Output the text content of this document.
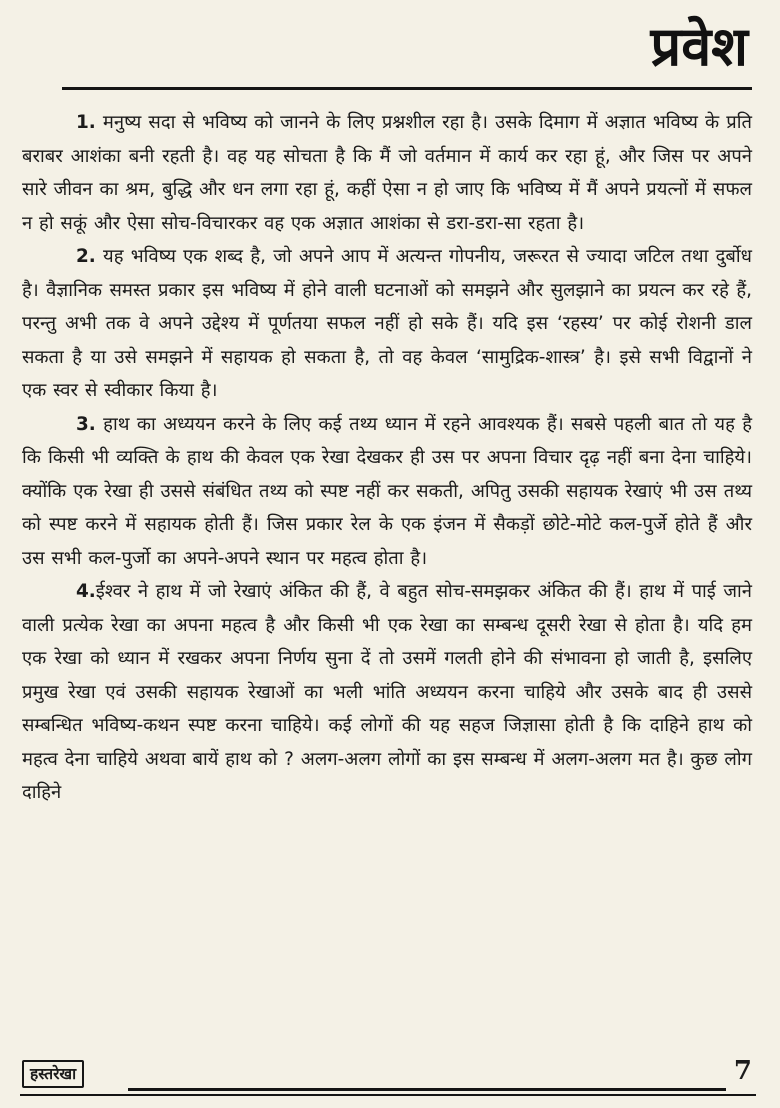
प्रवेश

1. मनुष्य सदा से भविष्य को जानने के लिए प्रश्नशील रहा है। उसके दिमाग में अज्ञात भविष्य के प्रति बराबर आशंका बनी रहती है। वह यह सोचता है कि मैं जो वर्तमान में कार्य कर रहा हूं, और जिस पर अपने सारे जीवन का श्रम, बुद्धि और धन लगा रहा हूं, कहीं ऐसा न हो जाए कि भविष्य में मैं अपने प्रयत्नों में सफल न हो सकूं और ऐसा सोच-विचारकर वह एक अज्ञात आशंका से डरा-डरा-सा रहता है।

2. यह भविष्य एक शब्द है, जो अपने आप में अत्यन्त गोपनीय, जरूरत से ज्यादा जटिल तथा दुर्बोध है। वैज्ञानिक समस्त प्रकार इस भविष्य में होने वाली घटनाओं को समझने और सुलझाने का प्रयत्न कर रहे हैं, परन्तु अभी तक वे अपने उद्देश्य में पूर्णतया सफल नहीं हो सके हैं। यदि इस ‘रहस्य’ पर कोई रोशनी डाल सकता है या उसे समझने में सहायक हो सकता है, तो वह केवल ‘सामुद्रिक-शास्त्र’ है। इसे सभी विद्वानों ने एक स्वर से स्वीकार किया है।

3. हाथ का अध्ययन करने के लिए कई तथ्य ध्यान में रहने आवश्यक हैं। सबसे पहली बात तो यह है कि किसी भी व्यक्ति के हाथ की केवल एक रेखा देखकर ही उस पर अपना विचार दृढ़ नहीं बना देना चाहिये। क्योंकि एक रेखा ही उससे संबंधित तथ्य को स्पष्ट नहीं कर सकती, अपितु उसकी सहायक रेखाएं भी उस तथ्य को स्पष्ट करने में सहायक होती हैं। जिस प्रकार रेल के एक इंजन में सैकड़ों छोटे-मोटे कल-पुर्जे होते हैं और उस सभी कल-पुर्जो का अपने-अपने स्थान पर महत्व होता है।

4.ईश्वर ने हाथ में जो रेखाएं अंकित की हैं, वे बहुत सोच-समझकर अंकित की हैं। हाथ में पाई जाने वाली प्रत्येक रेखा का अपना महत्व है और किसी भी एक रेखा का सम्बन्ध दूसरी रेखा से होता है। यदि हम एक रेखा को ध्यान में रखकर अपना निर्णय सुना दें तो उसमें गलती होने की संभावना हो जाती है, इसलिए प्रमुख रेखा एवं उसकी सहायक रेखाओं का भली भांति अध्ययन करना चाहिये और उसके बाद ही उससे सम्बन्धित भविष्य-कथन स्पष्ट करना चाहिये। कई लोगों की यह सहज जिज्ञासा होती है कि दाहिने हाथ को महत्व देना चाहिये अथवा बायें हाथ को ? अलग-अलग लोगों का इस सम्बन्ध में अलग-अलग मत है। कुछ लोग दाहिने

हस्तरेखा	7
